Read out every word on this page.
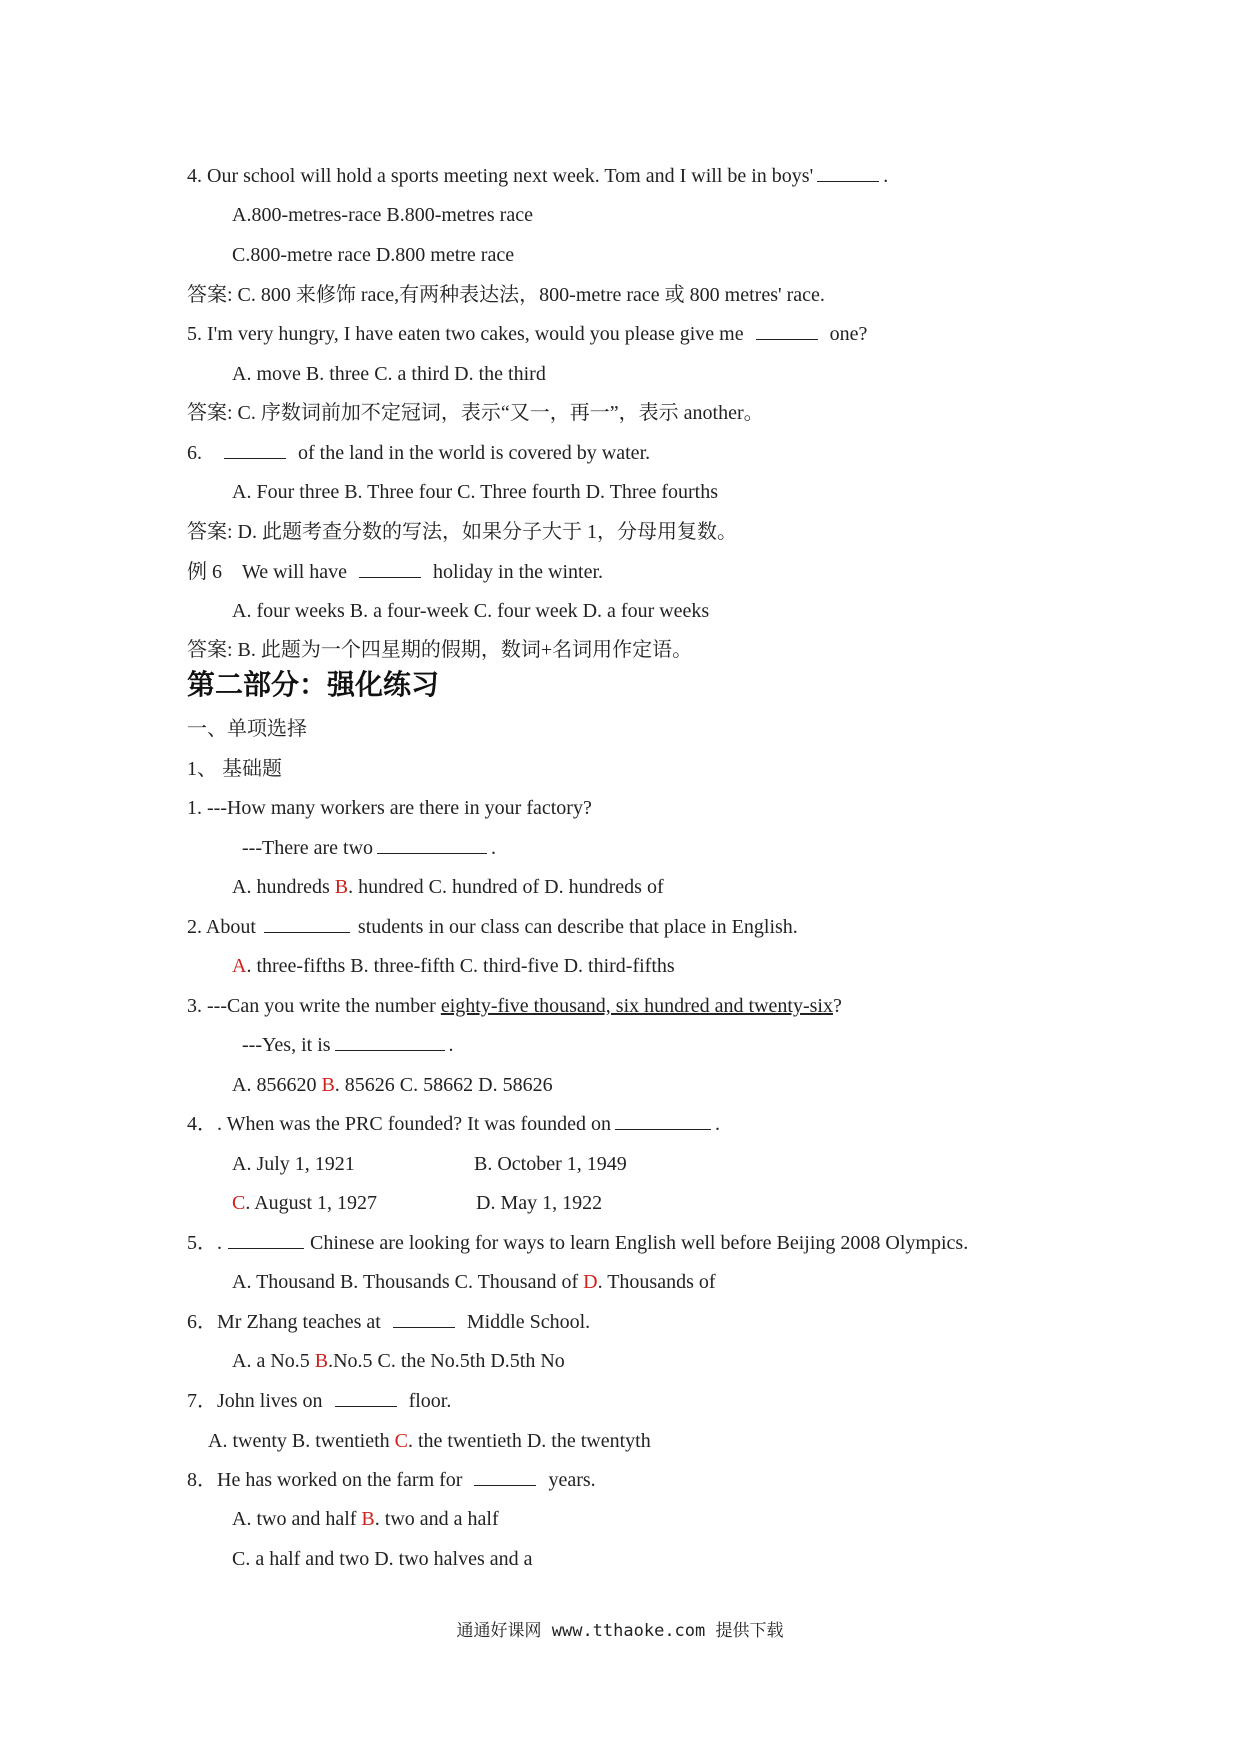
4. Our school will hold a sports meeting next week. Tom and I will be in boys'	.
A.800-metres-race B.800-metres race
C.800-metre race D.800 metre race
答案: C. 800 来修饰 race,有两种表达法，800-metre race 或 800 metres' race.
5. I'm very hungry, I have eaten two cakes, would you please give me	one?
A. move B. three C. a third D. the third
答案: C. 序数词前加不定冠词，表示“又一，再一”，表示 another。
6.	of the land in the world is covered by water.
A. Four three B. Three four C. Three fourth D. Three fourths
答案: D. 此题考查分数的写法，如果分子大于 1，分母用复数。
例 6 We will have	holiday in the winter.
A. four weeks B. a four-week C. four week D. a four weeks
答案: B. 此题为一个四星期的假期，数词+名词用作定语。
第二部分：强化练习
一、单项选择
1、 基础题
1. ---How many workers are there in your factory?
---There are two	.
A. hundreds B. hundred C. hundred of D. hundreds of
2. About	students in our class can describe that place in English.
A. three-fifths B. three-fifth C. third-five D. third-fifths
3. ---Can you write the number eighty-five thousand, six hundred and twenty-six?
---Yes, it is	.
A. 856620 B. 85626 C. 58662 D. 58626
4．. When was the PRC founded? It was founded on	.
A. July 1, 1921	B. October 1, 1949
C. August 1, 1927	D. May 1, 1922
5．.	Chinese are looking for ways to learn English well before Beijing 2008 Olympics.
A. Thousand B. Thousands C. Thousand of D. Thousands of
6．Mr Zhang teaches at	Middle School.
A. a No.5 B.No.5 C. the No.5th D.5th No
7．John lives on	floor.
A. twenty B. twentieth C. the twentieth D. the twentyth
8．He has worked on the farm for	years.
A. two and half B. two and a half
C. a half and two D. two halves and a
通通好课网 www.tthaoke.com 提供下载
